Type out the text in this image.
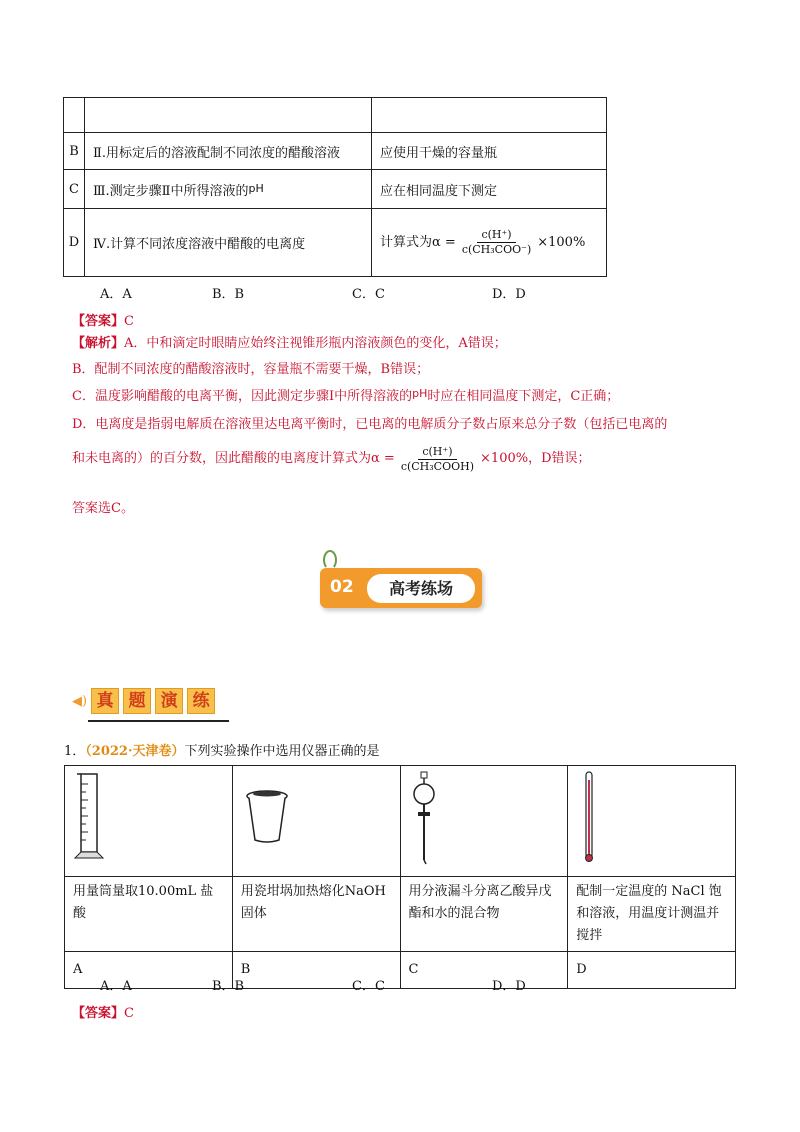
B	Ⅱ.用标定后的溶液配制不同浓度的醋酸溶液	应使用干燥的容量瓶
C	Ⅲ.测定步骤Ⅱ中所得溶液的$^{pH}$	应在相同温度下测定
D	Ⅳ.计算不同浓度溶液中醋酸的电离度	计算式为$\alpha = \frac{c(H^+)}{\text{c(CH₃COO⁻)}} \times 100\%$
A．A	B．B	C．C	D．D
【答案】C
【解析】A．中和滴定时眼睛应始终注视锥形瓶内溶液颜色的变化，A错误；
B．配制不同浓度的醋酸溶液时，容量瓶不需要干燥，B错误；
C．温度影响醋酸的电离平衡，因此测定步骤Ⅰ中所得溶液的$^{pH}$时应在相同温度下测定，C正确；
D．电离度是指弱电解质在溶液里达电离平衡时，已电离的电解质分子数占原来总分子数（包括已电离的
和未电离的）的百分数，因此醋酸的电离度计算式为$\alpha = \frac{c(H^+)}{\text{c(CH₃COOH)}} \times 100\%$，D错误；
答案选C。
02	高考练场
◀) 真 题 演 练
1．（2022·天津卷）下列实验操作中选用仪器正确的是

用量筒量取10.00mL 盐酸	用瓷坩埚加热熔化NaOH 固体	用分液漏斗分离乙酸异戊酯和水的混合物	配制一定温度的 NaCl 饱和溶液，用温度计测温并搅拌
A	B	C	D
A．A	B．B	C．C	D．D
【答案】C
